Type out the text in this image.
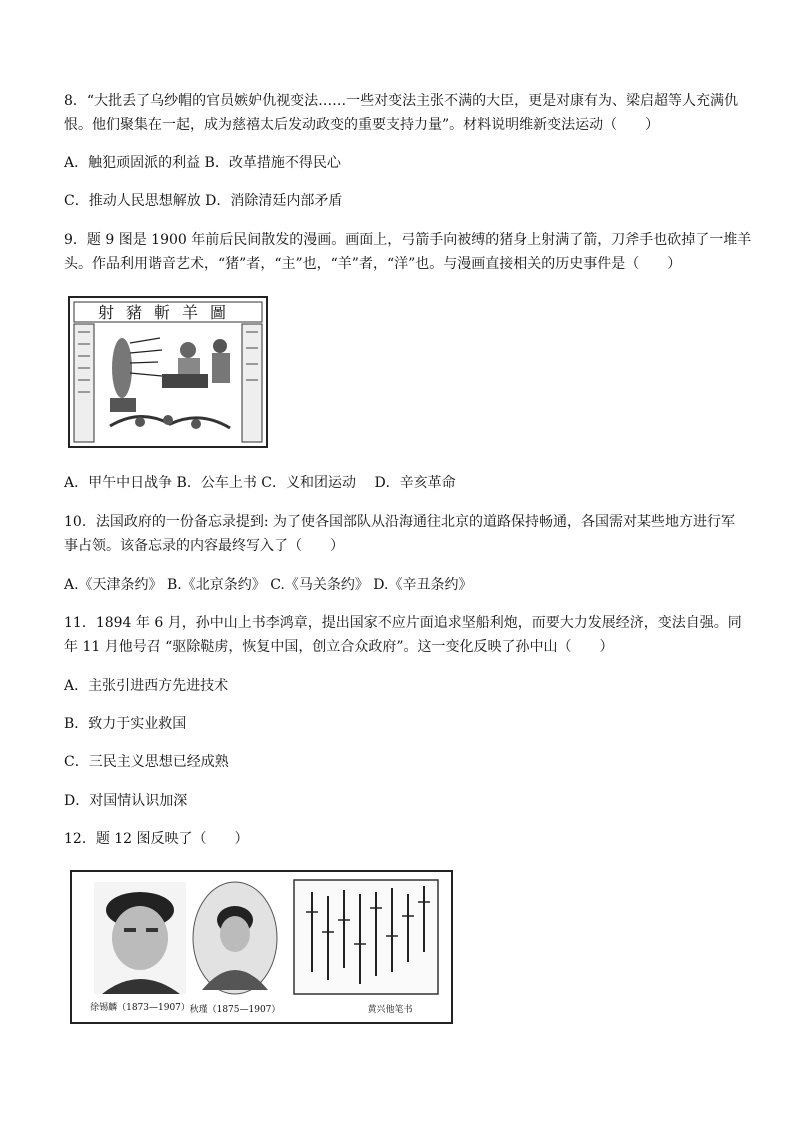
8．“大批丢了乌纱帽的官员嫉妒仇视变法……一些对变法主张不满的大臣，更是对康有为、梁启超等人充满仇
恨。他们聚集在一起，成为慈禧太后发动政变的重要支持力量”。材料说明维新变法运动（　　）
A．触犯顽固派的利益 B．改革措施不得民心
C．推动人民思想解放 D．消除清廷内部矛盾
9．题 9 图是 1900 年前后民间散发的漫画。画面上，弓箭手向被缚的猪身上射满了箭，刀斧手也砍掉了一堆羊
头。作品利用谐音艺术，“猪”者，“主”也，“羊”者，“洋”也。与漫画直接相关的历史事件是（　　）
射豬斬羊圖
A．甲午中日战争 B．公车上书 C．义和团运动　 D．辛亥革命
10．法国政府的一份备忘录提到: 为了使各国部队从沿海通往北京的道路保持畅通，各国需对某些地方进行军
事占领。该备忘录的内容最终写入了（　　）
A.《天津条约》 B.《北京条约》 C.《马关条约》 D.《辛丑条约》
11．1894 年 6 月，孙中山上书李鸿章，提出国家不应片面追求坚船利炮，而要大力发展经济，变法自强。同
年 11 月他号召 “驱除鞑虏，恢复中国，创立合众政府”。这一变化反映了孙中山（　　）
A．主张引进西方先进技术
B．致力于实业救国
C．三民主义思想已经成熟
D．对国情认识加深
12．题 12 图反映了（　　）
徐锡麟（1873—1907） 秋瑾（1875—1907）	黄兴他笔书
